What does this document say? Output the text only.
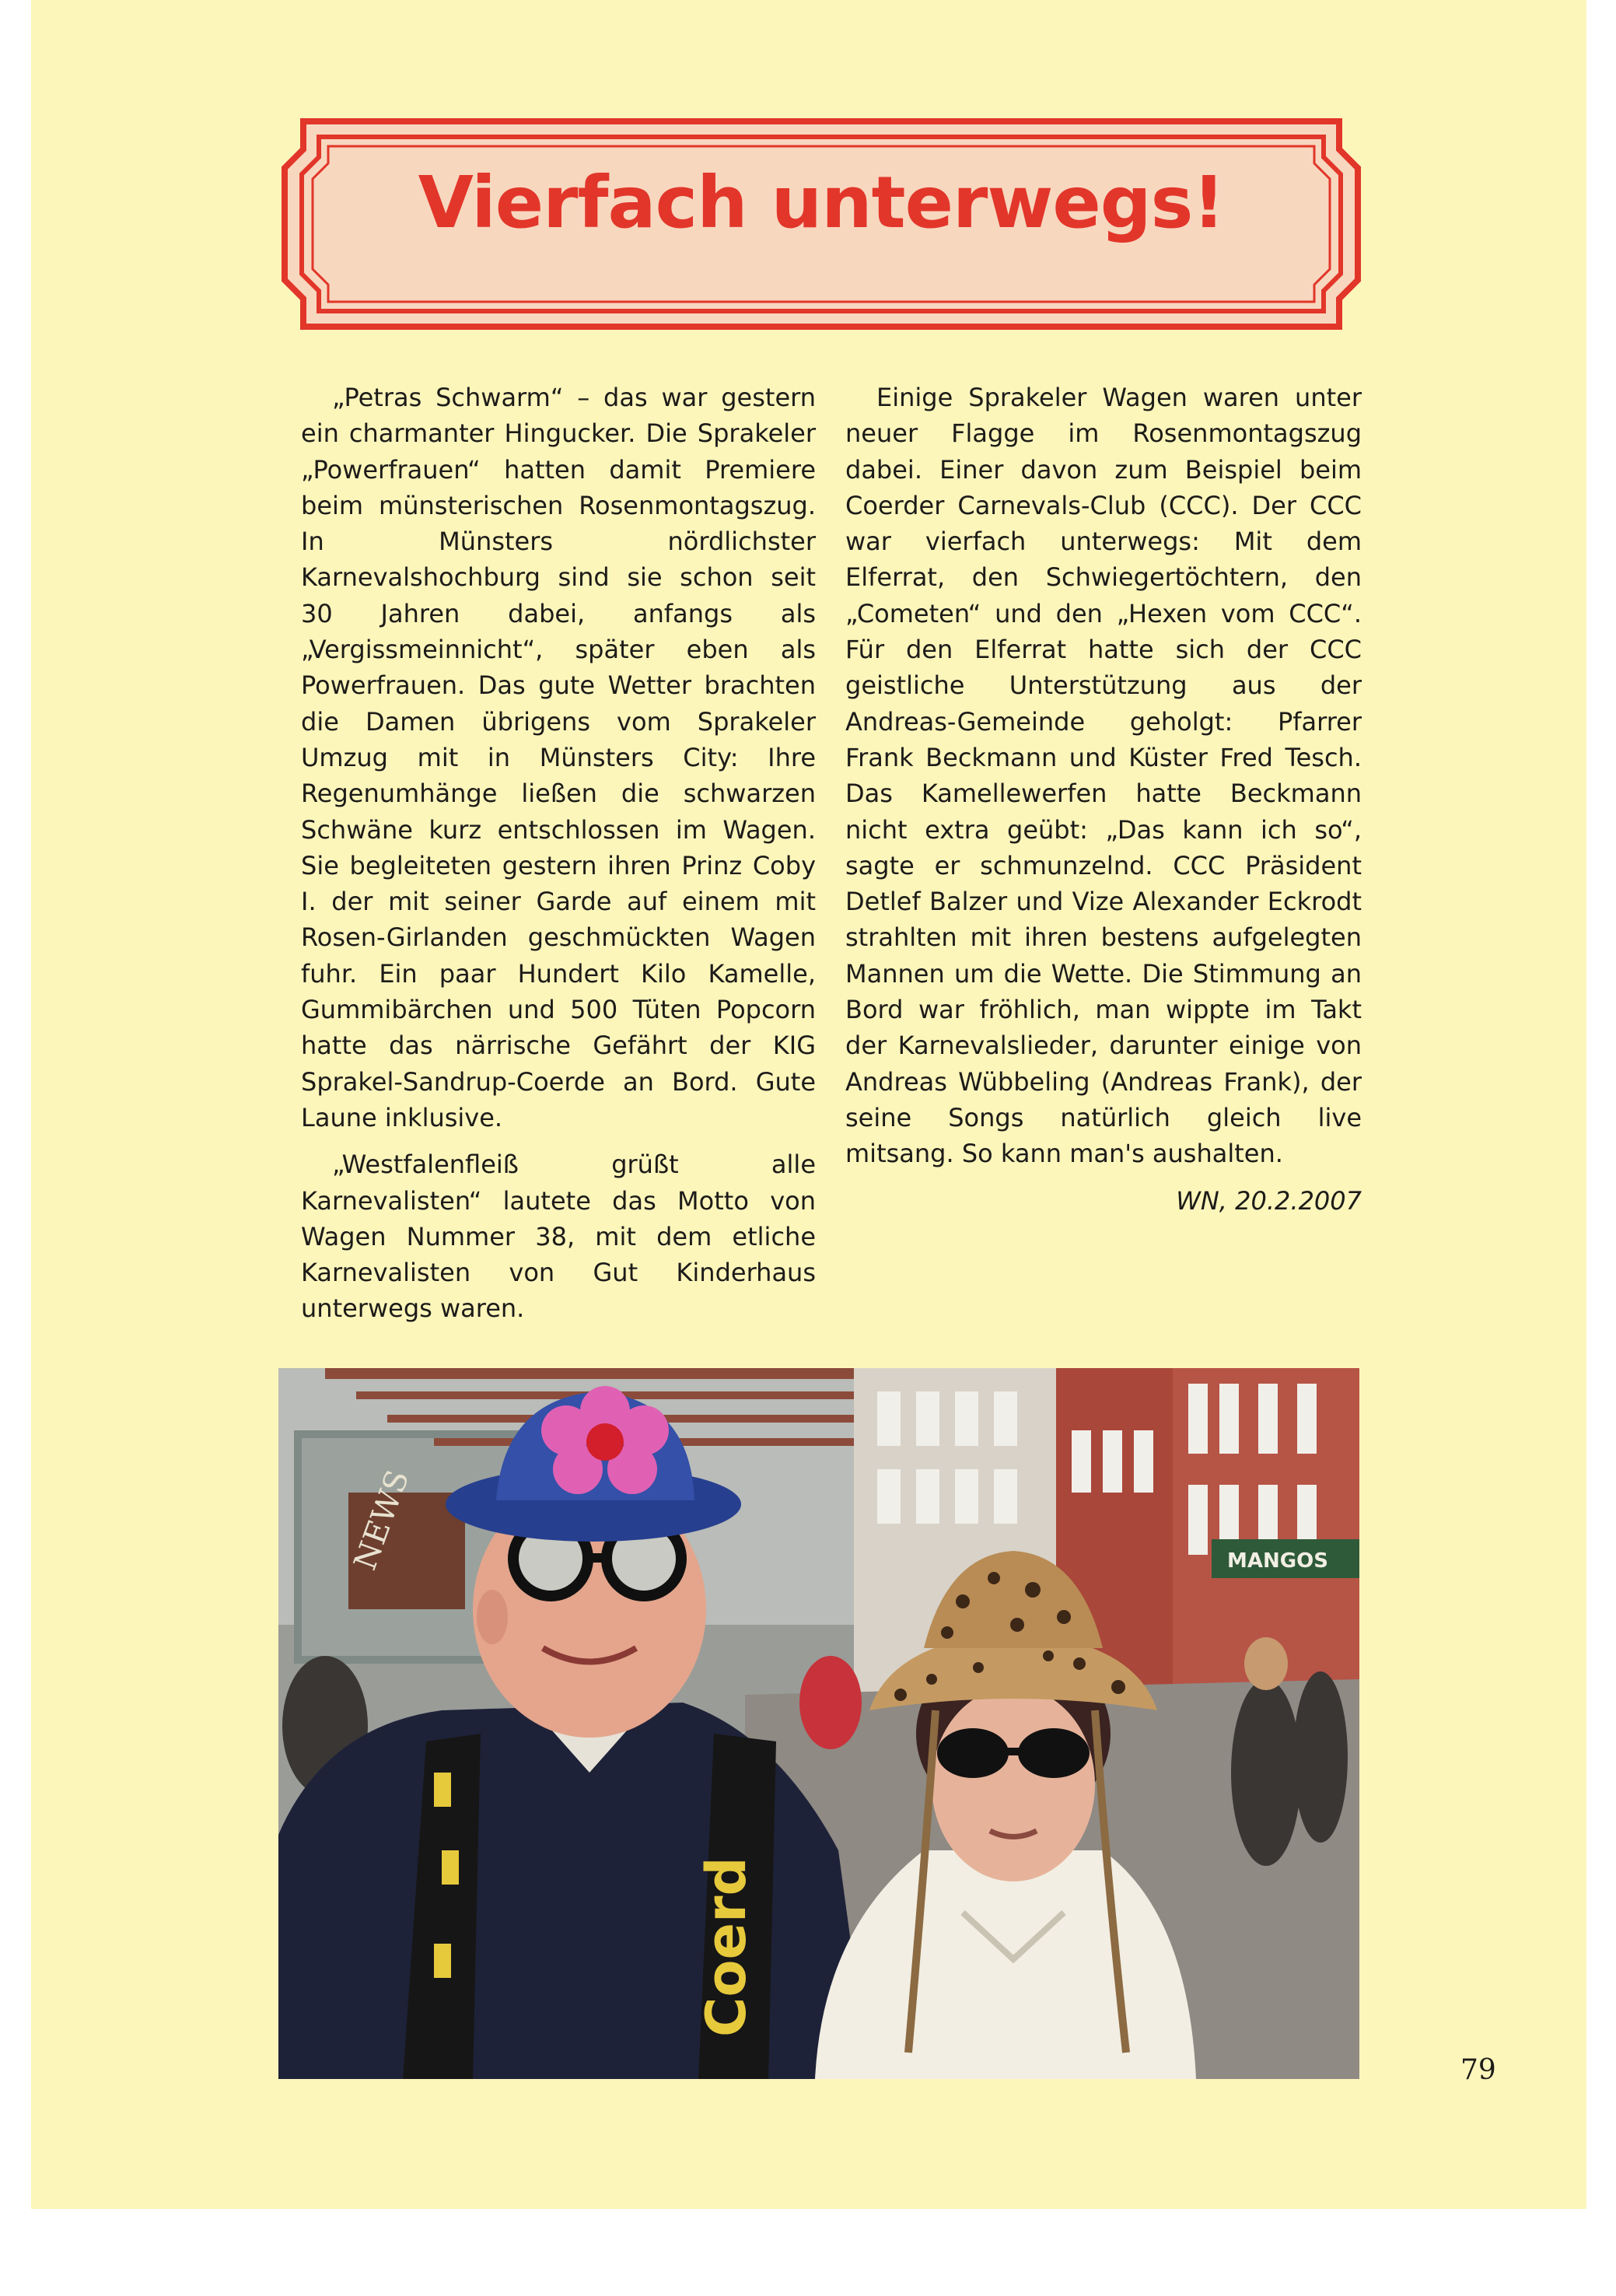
Vierfach unterwegs!

„Petras Schwarm“ – das war gestern ein charmanter Hingucker. Die Sprakeler „Powerfrauen“ hatten damit Premiere beim münsterischen Rosenmontagszug. In Münsters nördlichster Karnevalshochburg sind sie schon seit 30 Jahren dabei, anfangs als „Vergissmeinnicht“, später eben als Powerfrauen. Das gute Wetter brachten die Damen übrigens vom Sprakeler Umzug mit in Münsters City: Ihre Regenumhänge ließen die schwarzen Schwäne kurz entschlossen im Wagen. Sie begleiteten gestern ihren Prinz Coby I. der mit seiner Garde auf einem mit Rosen-Girlanden geschmückten Wagen fuhr. Ein paar Hundert Kilo Kamelle, Gummibärchen und 500 Tüten Popcorn hatte das närrische Gefährt der KIG Sprakel-Sandrup-Coerde an Bord. Gute Laune inklusive.

„Westfalenfleiß grüßt alle Karnevalisten“ lautete das Motto von Wagen Nummer 38, mit dem etliche Karnevalisten von Gut Kinderhaus unterwegs waren.

Einige Sprakeler Wagen waren unter neuer Flagge im Rosenmontagszug dabei. Einer davon zum Beispiel beim Coerder Carnevals-Club (CCC). Der CCC war vierfach unterwegs: Mit dem Elferrat, den Schwiegertöchtern, den „Cometen“ und den „Hexen vom CCC“. Für den Elferrat hatte sich der CCC geistliche Unterstützung aus der Andreas-Gemeinde geholgt: Pfarrer Frank Beckmann und Küster Fred Tesch. Das Kamellewerfen hatte Beckmann nicht extra geübt: „Das kann ich so“, sagte er schmunzelnd. CCC Präsident Detlef Balzer und Vize Alexander Eckrodt strahlten mit ihren bestens aufgelegten Mannen um die Wette. Die Stimmung an Bord war fröhlich, man wippte im Takt der Karnevalslieder, darunter einige von Andreas Wübbeling (Andreas Frank), der seine Songs natürlich gleich live mitsang. So kann man's aushalten.

WN, 20.2.2007

NEWS	MANGOS
Coerd
79
